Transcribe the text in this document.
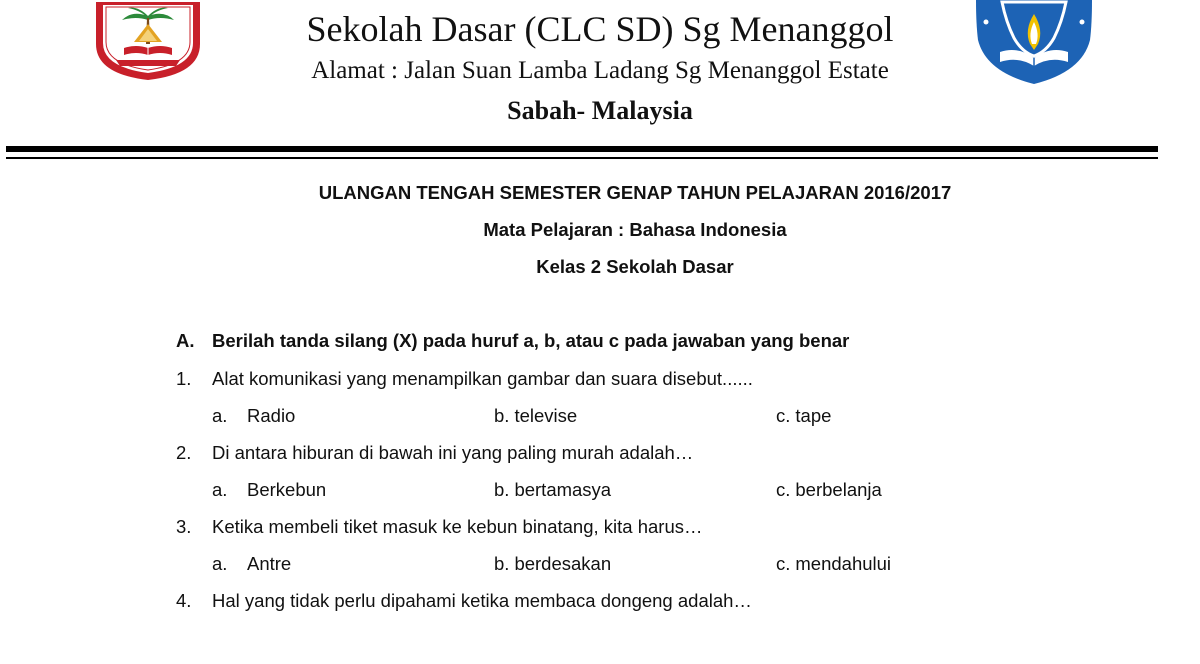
Sekolah Dasar (CLC SD) Sg Menanggol
Alamat : Jalan Suan Lamba Ladang Sg Menanggol Estate
Sabah- Malaysia
ULANGAN TENGAH SEMESTER GENAP TAHUN PELAJARAN 2016/2017
Mata Pelajaran : Bahasa Indonesia
Kelas 2 Sekolah Dasar
A. Berilah tanda silang (X) pada huruf a, b, atau c pada jawaban yang benar
1. Alat komunikasi yang menampilkan gambar dan suara disebut......
a. Radio	b. televise	c. tape
2. Di antara hiburan di bawah ini yang paling murah adalah…
a. Berkebun	b. bertamasya	c. berbelanja
3. Ketika membeli tiket masuk ke kebun binatang, kita harus…
a. Antre	b. berdesakan	c. mendahului
4. Hal yang tidak perlu dipahami ketika membaca dongeng adalah…
